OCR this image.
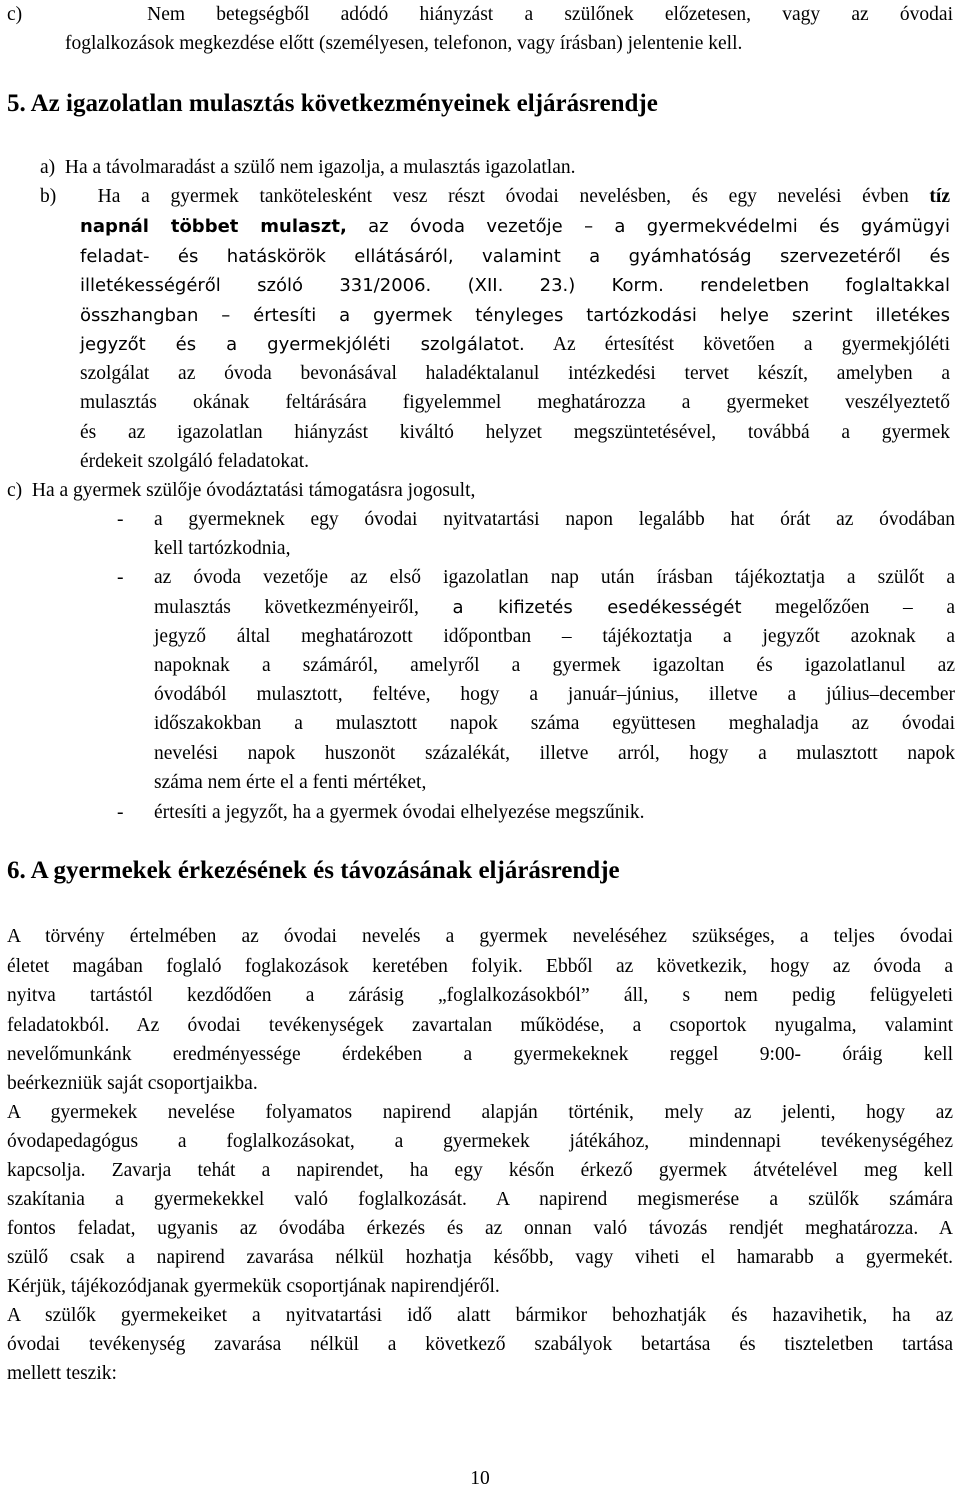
c)    Nem betegségből adódó hiányzást a szülőnek előzetesen, vagy az óvodai
foglalkozások megkezdése előtt (személyesen, telefonon, vagy írásban) jelentenie kell.
5. Az igazolatlan mulasztás következményeinek eljárásrendje
a)  Ha a távolmaradást a szülő nem igazolja, a mulasztás igazolatlan.
b)  Ha a gyermek tankötelesként vesz részt óvodai nevelésben, és egy nevelési évben tíz
napnál többet mulaszt, az óvoda vezetője – a gyermekvédelmi és gyámügyi
feladat- és hatáskörök ellátásáról, valamint a gyámhatóság szervezetéről és
illetékességéről szóló 331/2006. (XII. 23.) Korm. rendeletben foglaltakkal
összhangban – értesíti a gyermek tényleges tartózkodási helye szerint illetékes
jegyzőt és a gyermekjóléti szolgálatot. Az értesítést követően a gyermekjóléti
szolgálat az óvoda bevonásával haladéktalanul intézkedési tervet készít, amelyben a
mulasztás okának feltárására figyelemmel meghatározza a gyermeket veszélyeztető
és az igazolatlan hiányzást kiváltó helyzet megszüntetésével, továbbá a gyermek
érdekeit szolgáló feladatokat.
c)  Ha a gyermek szülője óvodáztatási támogatásra jogosult,
- a gyermeknek egy óvodai nyitvatartási napon legalább hat órát az óvodában
kell tartózkodnia,
- az óvoda vezetője az első igazolatlan nap után írásban tájékoztatja a szülőt a
mulasztás következményeiről, a kifizetés esedékességét megelőzően – a
jegyző által meghatározott időpontban – tájékoztatja a jegyzőt azoknak a
napoknak a számáról, amelyről a gyermek igazoltan és igazolatlanul az
óvodából mulasztott, feltéve, hogy a január–június, illetve a július–december
időszakokban a mulasztott napok száma együttesen meghaladja az óvodai
nevelési napok huszonöt százalékát, illetve arról, hogy a mulasztott napok
száma nem érte el a fenti mértéket,
- értesíti a jegyzőt, ha a gyermek óvodai elhelyezése megszűnik.
6. A gyermekek érkezésének és távozásának eljárásrendje
A törvény értelmében az óvodai nevelés a gyermek neveléséhez szükséges, a teljes óvodai
életet magában foglaló foglakozások keretében folyik. Ebből az következik, hogy az óvoda a
nyitva tartástól kezdődően a zárásig „foglalkozásokból” áll, s nem pedig felügyeleti
feladatokból. Az óvodai tevékenységek zavartalan működése, a csoportok nyugalma, valamint
nevelőmunkánk eredményessége érdekében a gyermekeknek reggel 9:00- óráig kell
beérkezniük saját csoportjaikba.
A gyermekek nevelése folyamatos napirend alapján történik, mely az jelenti, hogy az
óvodapedagógus a foglalkozásokat, a gyermekek játékához, mindennapi tevékenységéhez
kapcsolja. Zavarja tehát a napirendet, ha egy későn érkező gyermek átvételével meg kell
szakítania a gyermekekkel való foglalkozását. A napirend megismerése a szülők számára
fontos feladat, ugyanis az óvodába érkezés és az onnan való távozás rendjét meghatározza. A
szülő csak a napirend zavarása nélkül hozhatja később, vagy viheti el hamarabb a gyermekét.
Kérjük, tájékozódjanak gyermekük csoportjának napirendjéről.
A szülők gyermekeiket a nyitvatartási idő alatt bármikor behozhatják és hazavihetik, ha az
óvodai tevékenység zavarása nélkül a következő szabályok betartása és tiszteletben tartása
mellett teszik:
10
